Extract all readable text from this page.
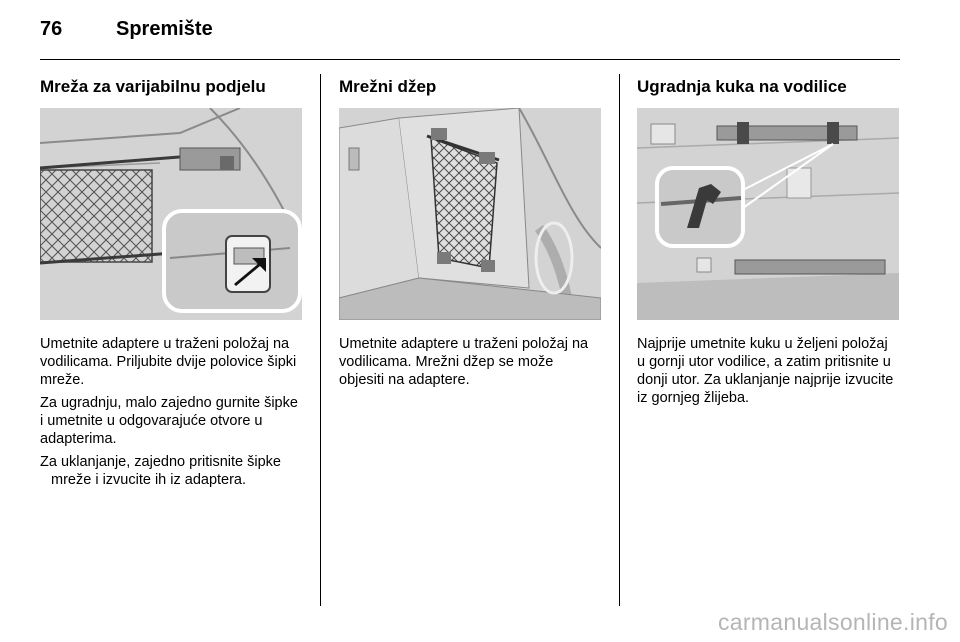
76	Spremište
Mreža za varijabilnu podjelu

Umetnite adaptere u traženi položaj na vodilicama. Priljubite dvije polovice šipki mreže.

Za ugradnju, malo zajedno gurnite šipke i umetnite u odgovarajuće otvore u adapterima.

Za uklanjanje, zajedno pritisnite šipke mreže i izvucite ih iz adaptera.

Mrežni džep

Umetnite adaptere u traženi položaj na vodilicama. Mrežni džep se može objesiti na adaptere.

Ugradnja kuka na vodilice

Najprije umetnite kuku u željeni položaj u gornji utor vodilice, a zatim pritisnite u donji utor. Za uklanjanje najprije izvucite iz gornjeg žlijeba.

carmanualsonline.info
